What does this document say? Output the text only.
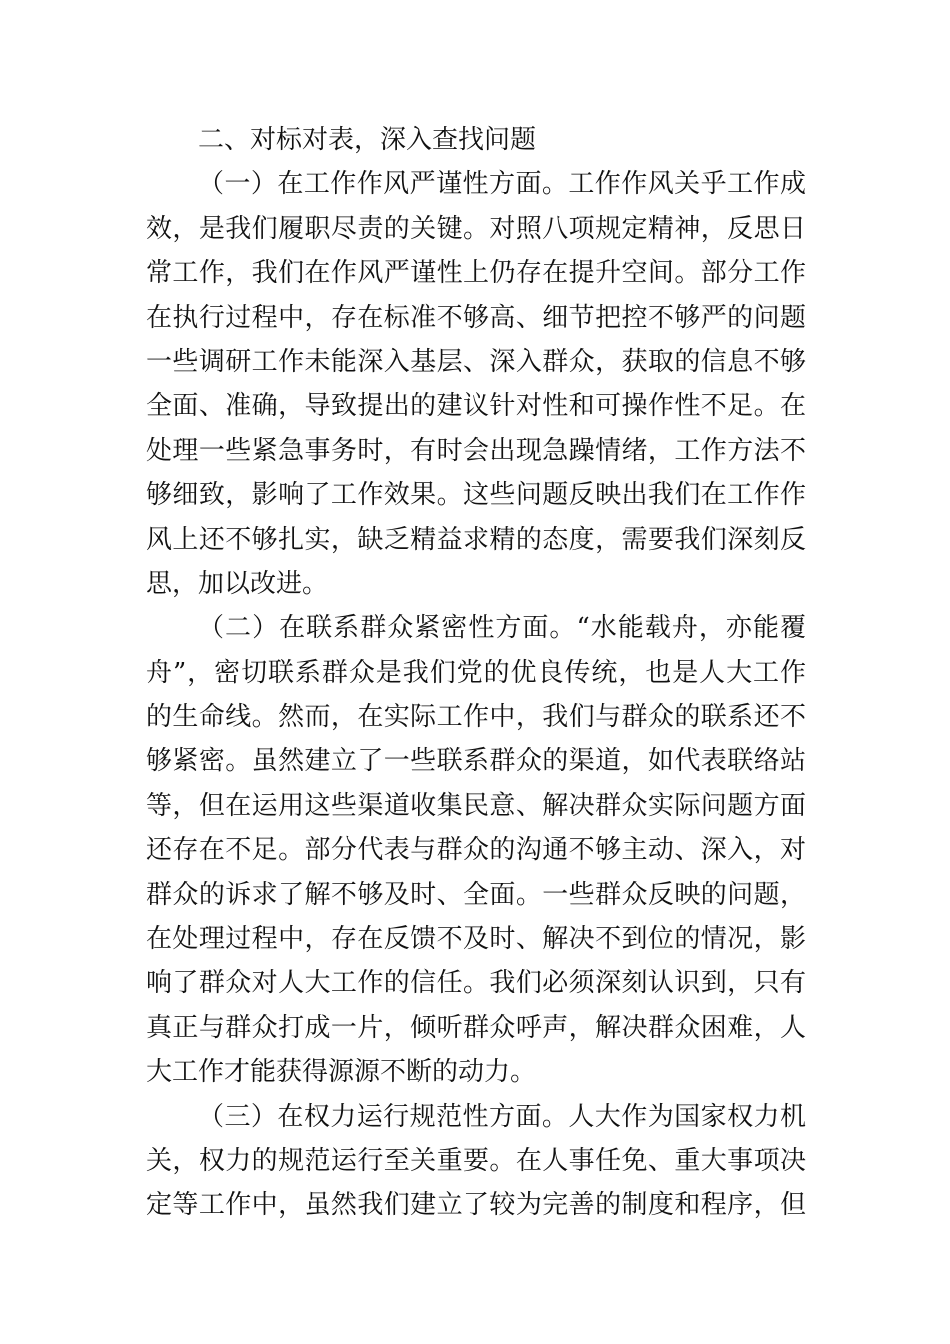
二、对标对表，深入查找问题
（一）在工作作风严谨性方面。工作作风关乎工作成
效，是我们履职尽责的关键。对照八项规定精神，反思日
常工作，我们在作风严谨性上仍存在提升空间。部分工作
在执行过程中，存在标准不够高、细节把控不够严的问题
一些调研工作未能深入基层、深入群众，获取的信息不够
全面、准确，导致提出的建议针对性和可操作性不足。在
处理一些紧急事务时，有时会出现急躁情绪，工作方法不
够细致，影响了工作效果。这些问题反映出我们在工作作
风上还不够扎实，缺乏精益求精的态度，需要我们深刻反
思，加以改进。
（二）在联系群众紧密性方面。“水能载舟，亦能覆
舟”，密切联系群众是我们党的优良传统，也是人大工作
的生命线。然而，在实际工作中，我们与群众的联系还不
够紧密。虽然建立了一些联系群众的渠道，如代表联络站
等，但在运用这些渠道收集民意、解决群众实际问题方面
还存在不足。部分代表与群众的沟通不够主动、深入，对
群众的诉求了解不够及时、全面。一些群众反映的问题，
在处理过程中，存在反馈不及时、解决不到位的情况，影
响了群众对人大工作的信任。我们必须深刻认识到，只有
真正与群众打成一片，倾听群众呼声，解决群众困难，人
大工作才能获得源源不断的动力。
（三）在权力运行规范性方面。人大作为国家权力机
关，权力的规范运行至关重要。在人事任免、重大事项决
定等工作中，虽然我们建立了较为完善的制度和程序，但
